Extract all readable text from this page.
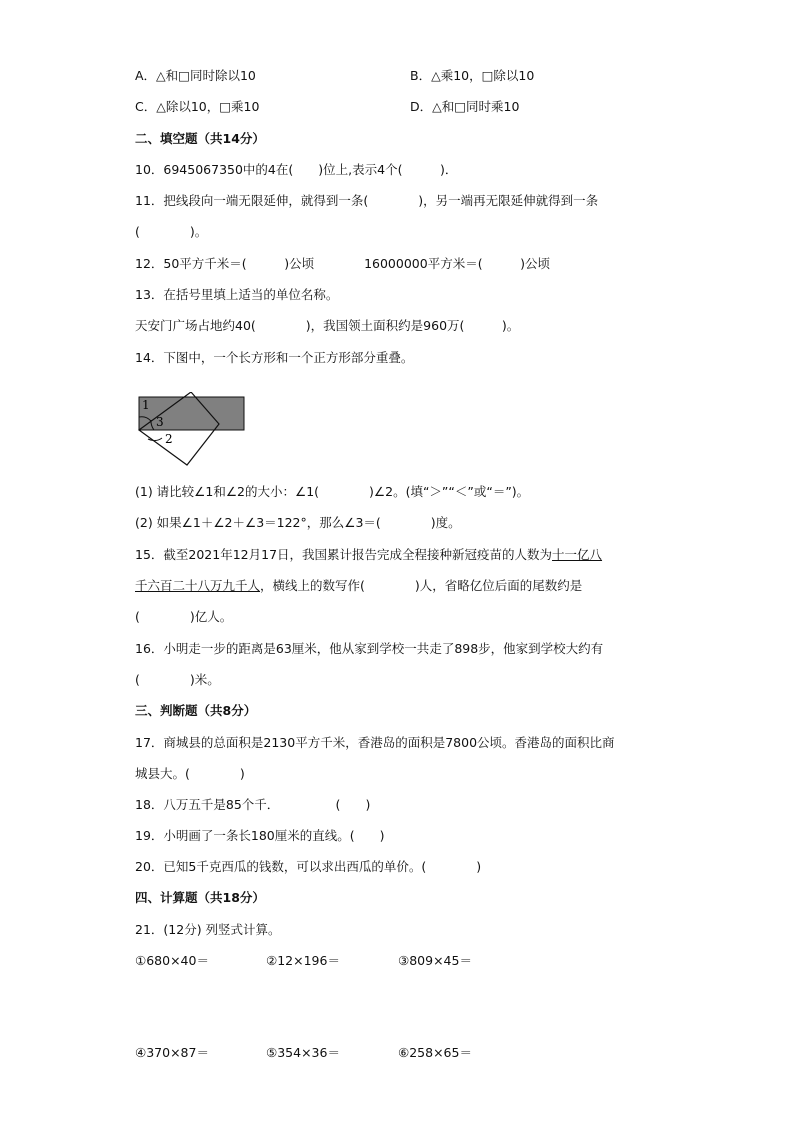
A．△和□同时除以10	B．△乘10，□除以10

C．△除以10，□乘10	D．△和□同时乘10

二、填空题（共14分）

10．6945067350中的4在(　　)位上,表示4个(　　　)．

11．把线段向一端无限延伸，就得到一条(　　　　)，另一端再无限延伸就得到一条

(　　　　)。

12．50平方千米＝(　　　)公顷　　　　16000000平方米＝(　　　)公顷

13．在括号里填上适当的单位名称。

天安门广场占地约40(　　　　)，我国领土面积约是960万(　　　)。

14．下图中，一个长方形和一个正方形部分重叠。

1
3
2

(1) 请比较∠1和∠2的大小：∠1(　　　　)∠2。(填“＞”“＜”或“＝”)。

(2) 如果∠1＋∠2＋∠3＝122°，那么∠3＝(　　　　)度。

15．截至2021年12月17日，我国累计报告完成全程接种新冠疫苗的人数为十一亿八

千六百二十八万九千人，横线上的数写作(　　　　)人，省略亿位后面的尾数约是

(　　　　)亿人。

16．小明走一步的距离是63厘米，他从家到学校一共走了898步，他家到学校大约有

(　　　　)米。

三、判断题（共8分）

17．商城县的总面积是2130平方千米，香港岛的面积是7800公顷。香港岛的面积比商

城县大。(　　　　)

18．八万五千是85个千．　　　　　(　　)

19．小明画了一条长180厘米的直线。(　　)

20．已知5千克西瓜的钱数，可以求出西瓜的单价。(　　　　)

四、计算题（共18分）

21．(12分) 列竖式计算。

①680×40＝	②12×196＝	③809×45＝
④370×87＝	⑤354×36＝	⑥258×65＝
